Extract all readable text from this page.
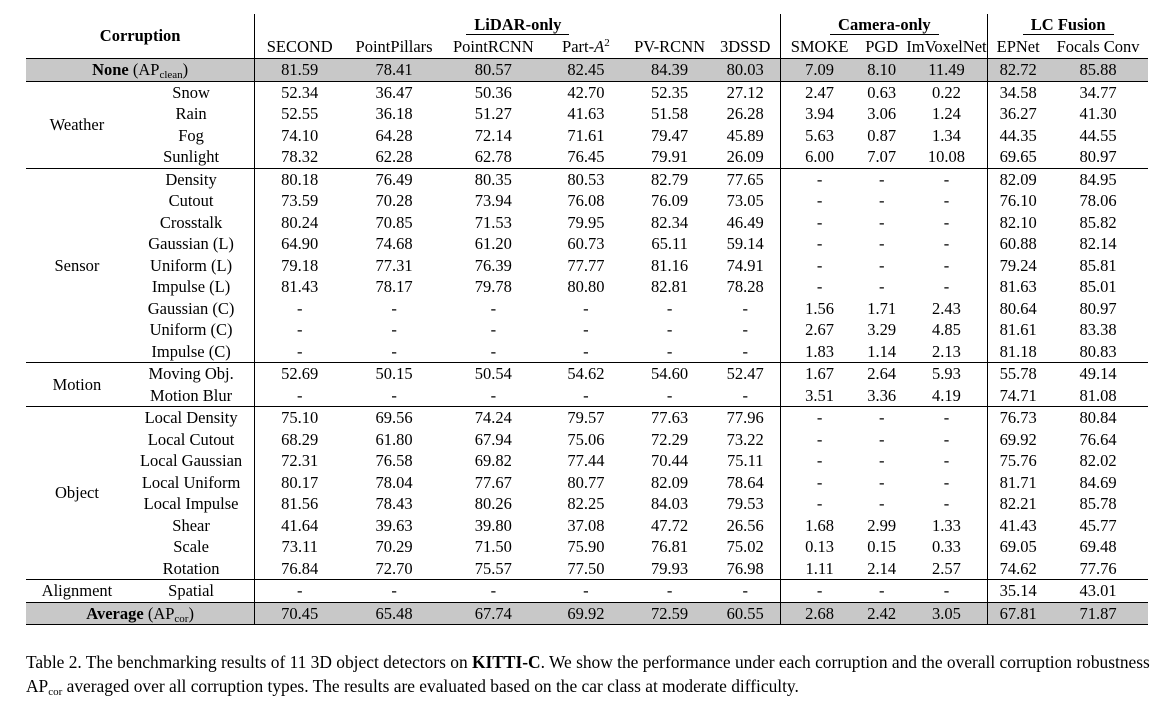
Corruption		LiDAR-only						Camera-only			LC Fusion	
		SECOND	PointPillars	PointRCNN	Part-$A^2$	PV-RCNN	3DSSD	SMOKE	PGD	ImVoxelNet	EPNet	Focals Conv
None $(AP_{clean})$		81.59	78.41	80.57	82.45	84.39	80.03	7.09	8.10	11.49	82.72	85.88
Weather	Snow	52.34	36.47	50.36	42.70	52.35	27.12	2.47	0.63	0.22	34.58	34.77
	Rain	52.55	36.18	51.27	41.63	51.58	26.28	3.94	3.06	1.24	36.27	41.30
	Fog	74.10	64.28	72.14	71.61	79.47	45.89	5.63	0.87	1.34	44.35	44.55
	Sunlight	78.32	62.28	62.78	76.45	79.91	26.09	6.00	7.07	10.08	69.65	80.97
Sensor	Density	80.18	76.49	80.35	80.53	82.79	77.65	-	-	-	82.09	84.95
	Cutout	73.59	70.28	73.94	76.08	76.09	73.05	-	-	-	76.10	78.06
	Crosstalk	80.24	70.85	71.53	79.95	82.34	46.49	-	-	-	82.10	85.82
	Gaussian (L)	64.90	74.68	61.20	60.73	65.11	59.14	-	-	-	60.88	82.14
	Uniform (L)	79.18	77.31	76.39	77.77	81.16	74.91	-	-	-	79.24	85.81
	Impulse (L)	81.43	78.17	79.78	80.80	82.81	78.28	-	-	-	81.63	85.01
	Gaussian (C)	-	-	-	-	-	-	1.56	1.71	2.43	80.64	80.97
	Uniform (C)	-	-	-	-	-	-	2.67	3.29	4.85	81.61	83.38
	Impulse (C)	-	-	-	-	-	-	1.83	1.14	2.13	81.18	80.83
Motion	Moving Obj.	52.69	50.15	50.54	54.62	54.60	52.47	1.67	2.64	5.93	55.78	49.14
	Motion Blur	-	-	-	-	-	-	3.51	3.36	4.19	74.71	81.08
Object	Local Density	75.10	69.56	74.24	79.57	77.63	77.96	-	-	-	76.73	80.84
	Local Cutout	68.29	61.80	67.94	75.06	72.29	73.22	-	-	-	69.92	76.64
	Local Gaussian	72.31	76.58	69.82	77.44	70.44	75.11	-	-	-	75.76	82.02
	Local Uniform	80.17	78.04	77.67	80.77	82.09	78.64	-	-	-	81.71	84.69
	Local Impulse	81.56	78.43	80.26	82.25	84.03	79.53	-	-	-	82.21	85.78
	Shear	41.64	39.63	39.80	37.08	47.72	26.56	1.68	2.99	1.33	41.43	45.77
	Scale	73.11	70.29	71.50	75.90	76.81	75.02	0.13	0.15	0.33	69.05	69.48
	Rotation	76.84	72.70	75.57	77.50	79.93	76.98	1.11	2.14	2.57	74.62	77.76
Alignment	Spatial	-	-	-	-	-	-	-	-	-	35.14	43.01
Average $(AP_{cor})$		70.45	65.48	67.74	69.92	72.59	60.55	2.68	2.42	3.05	67.81	71.87
Table 2. The benchmarking results of 11 3D object detectors on KITTI-C. We show the performance under each corruption and the overall corruption robustness $AP_{cor}$ averaged over all corruption types. The results are evaluated based on the car class at moderate difficulty.
